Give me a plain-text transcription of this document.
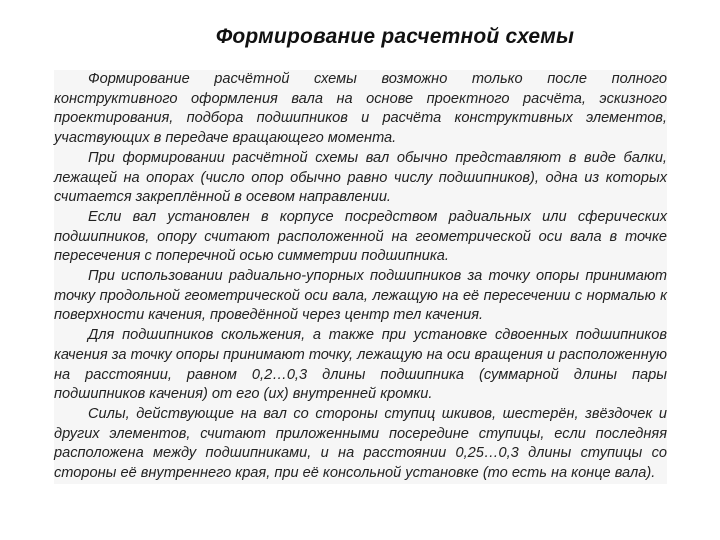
Формирование расчетной схемы

Формирование расчётной схемы возможно только после полного конструктивного оформления вала на основе проектного расчёта, эскизного проектирования, подбора подшипников и расчёта конструктивных элементов, участвующих в передаче вращающего момента.

При формировании расчётной схемы вал обычно представляют в виде балки, лежащей на опорах (число опор обычно равно числу подшипников), одна из которых считается закреплённой в осевом направлении.

Если вал установлен в корпусе посредством радиальных или сферических подшипников, опору считают расположенной на геометрической оси вала в точке пересечения с поперечной осью симметрии подшипника.

При использовании радиально-упорных подшипников за точку опоры принимают точку продольной геометрической оси вала, лежащую на её пересечении с нормалью к поверхности качения, проведённой через центр тел качения.

Для подшипников скольжения, а также при установке сдвоенных подшипников качения за точку опоры принимают точку, лежащую на оси вращения и расположенную на расстоянии, равном 0,2…0,3 длины подшипника (суммарной длины пары подшипников качения) от его (их) внутренней кромки.

Силы, действующие на вал со стороны ступиц шкивов, шестерён, звёздочек и других элементов, считают приложенными посередине ступицы, если последняя расположена между подшипниками, и на расстоянии 0,25…0,3 длины ступицы со стороны её внутреннего края, при её консольной установке (то есть на конце вала).
